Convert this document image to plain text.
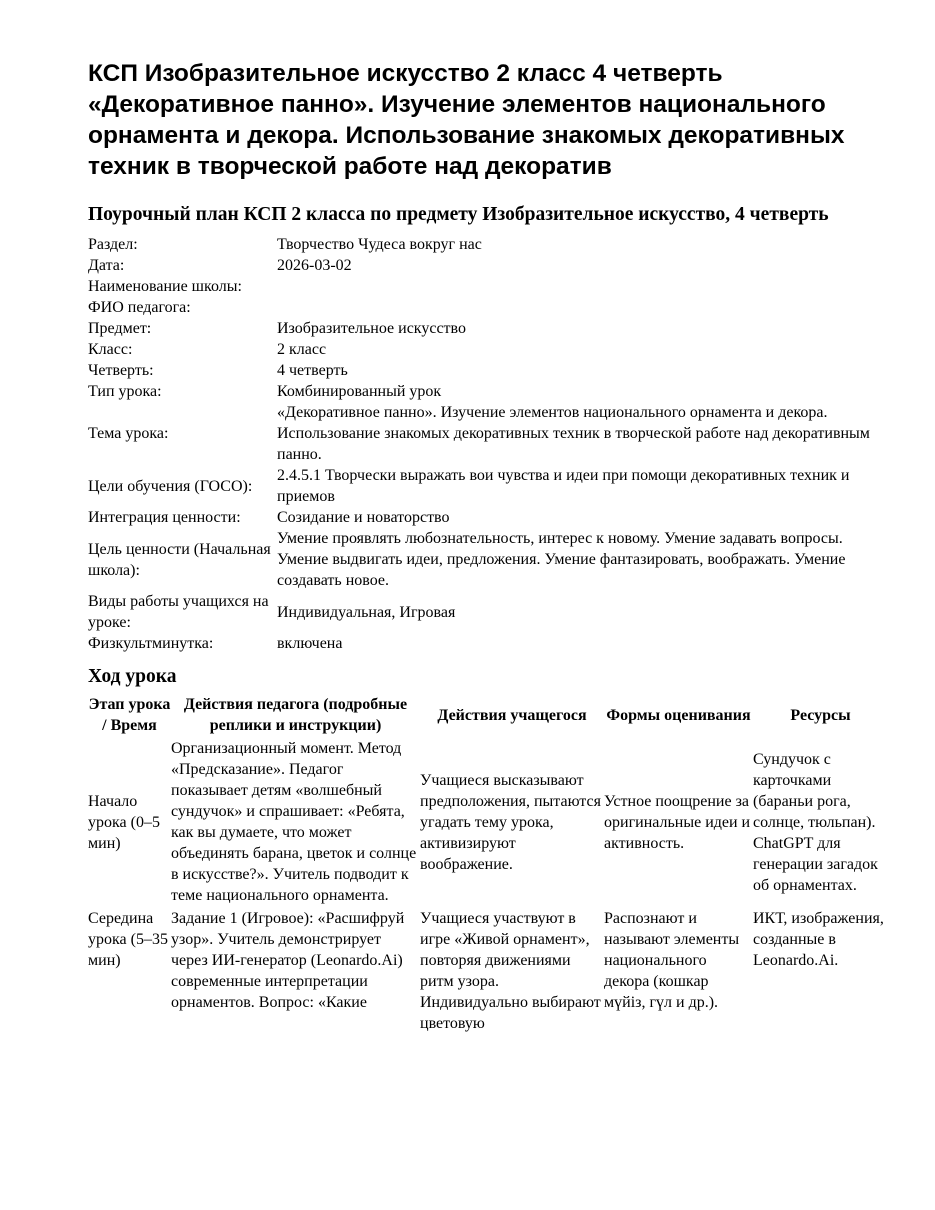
КСП Изобразительное искусство 2 класс 4 четверть «Декоративное панно». Изучение элементов национального орнамента и декора. Использование знакомых декоративных техник в творческой работе над декоратив
Поурочный план КСП 2 класса по предмету Изобразительное искусство, 4 четверть
Раздел:	Творчество Чудеса вокруг нас
Дата:	2026-03-02
Наименование школы:	
ФИО педагога:	
Предмет:	Изобразительное искусство
Класс:	2 класс
Четверть:	4 четверть
Тип урока:	Комбинированный урок
Тема урока:	«Декоративное панно». Изучение элементов национального орнамента и декора. Использование знакомых декоративных техник в творческой работе над декоративным панно.
Цели обучения (ГОСО):	2.4.5.1 Творчески выражать вои чувства и идеи при помощи декоративных техник и приемов
Интеграция ценности:	Созидание и новаторство
Цель ценности (Начальная школа):	Умение проявлять любознательность, интерес к новому. Умение задавать вопросы. Умение выдвигать идеи, предложения. Умение фантазировать, воображать. Умение создавать новое.
Виды работы учащихся на уроке:	Индивидуальная, Игровая
Физкультминутка:	включена
Ход урока
Этап урока / Время	Действия педагога (подробные реплики и инструкции)	Действия учащегося	Формы оценивания	Ресурсы
Начало урока (0–5 мин)	Организационный момент. Метод «Предсказание». Педагог показывает детям «волшебный сундучок» и спрашивает: «Ребята, как вы думаете, что может объединять барана, цветок и солнце в искусстве?». Учитель подводит к теме национального орнамента.	Учащиеся высказывают предположения, пытаются угадать тему урока, активизируют воображение.	Устное поощрение за оригинальные идеи и активность.	Сундучок с карточками (бараньи рога, солнце, тюльпан). ChatGPT для генерации загадок об орнаментах.
Середина урока (5–35 мин)	Задание 1 (Игровое): «Расшифруй узор». Учитель демонстрирует через ИИ-генератор (Leonardo.Ai) современные интерпретации орнаментов. Вопрос: «Какие	Учащиеся участвуют в игре «Живой орнамент», повторяя движениями ритм узора. Индивидуально выбирают цветовую	Распознают и называют элементы национального декора (кошкар мүйіз, гүл и др.).	ИКТ, изображения, созданные в Leonardo.Ai.
